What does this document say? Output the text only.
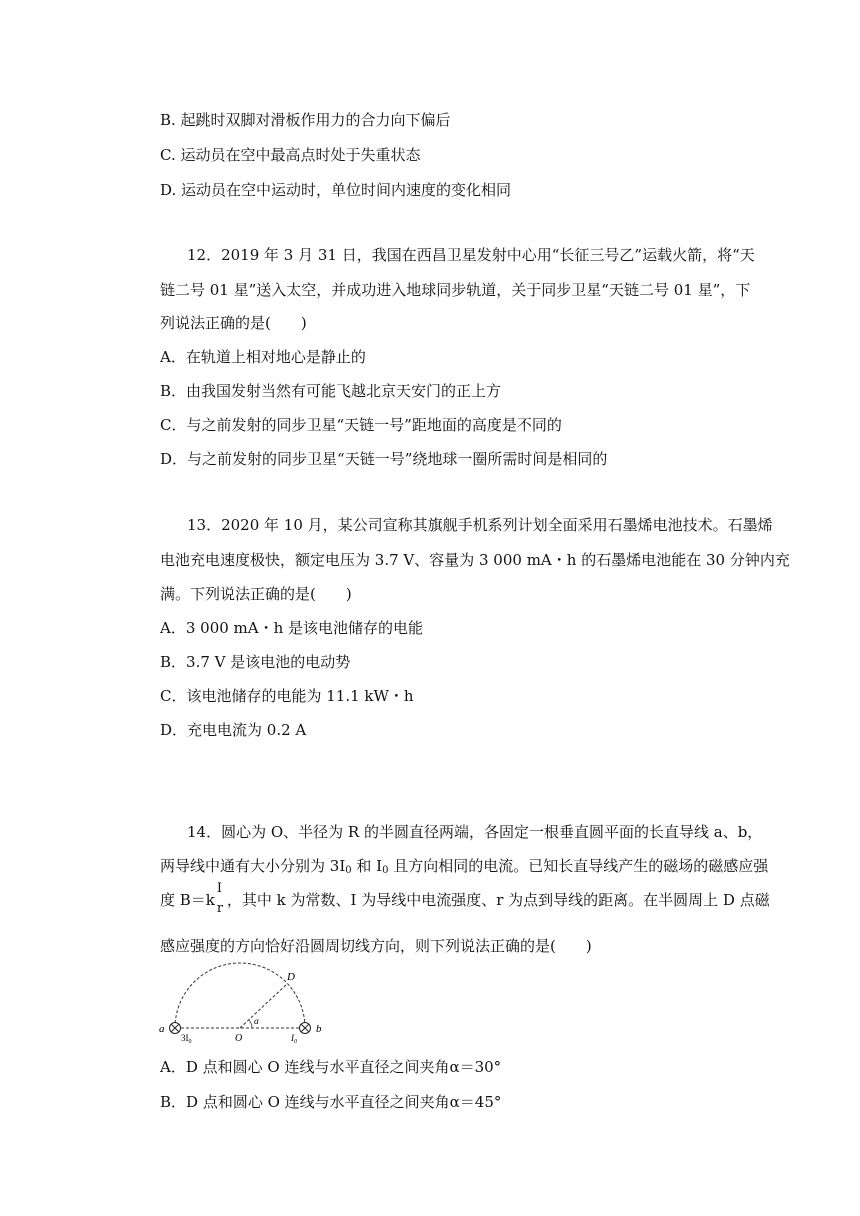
B. 起跳时双脚对滑板作用力的合力向下偏后
C. 运动员在空中最高点时处于失重状态
D. 运动员在空中运动时，单位时间内速度的变化相同
12．2019 年 3 月 31 日，我国在西昌卫星发射中心用“长征三号乙”运载火箭，将“天
链二号 01 星”送入太空，并成功进入地球同步轨道，关于同步卫星“天链二号 01 星”，下
列说法正确的是(　　)
A．在轨道上相对地心是静止的
B．由我国发射当然有可能飞越北京天安门的正上方
C．与之前发射的同步卫星“天链一号”距地面的高度是不同的
D．与之前发射的同步卫星“天链一号”绕地球一圈所需时间是相同的
13．2020 年 10 月，某公司宣称其旗舰手机系列计划全面采用石墨烯电池技术。石墨烯
电池充电速度极快，额定电压为 3.7 V、容量为 3 000 mA・h 的石墨烯电池能在 30 分钟内充
满。下列说法正确的是(　　)
A．3 000 mA・h 是该电池储存的电能
B．3.7 V 是该电池的电动势
C．该电池储存的电能为 11.1 kW・h
D．充电电流为 0.2 A
14．圆心为 O、半径为 R 的半圆直径两端，各固定一根垂直圆平面的长直导线 a、b，
两导线中通有大小分别为 $3I_0$ 和 $I_0$ 且方向相同的电流。已知长直导线产生的磁场的磁感应强
度 B＝k
I
r ，其中 k 为常数、I 为导线中电流强度、r 为点到导线的距离。在半圆周上 D 点磁
感应强度的方向恰好沿圆周切线方向，则下列说法正确的是(　　)
a	b
D
O
α
$3I_0$	$I_0$
A．D 点和圆心 O 连线与水平直径之间夹角α＝30°
B．D 点和圆心 O 连线与水平直径之间夹角α＝45°
